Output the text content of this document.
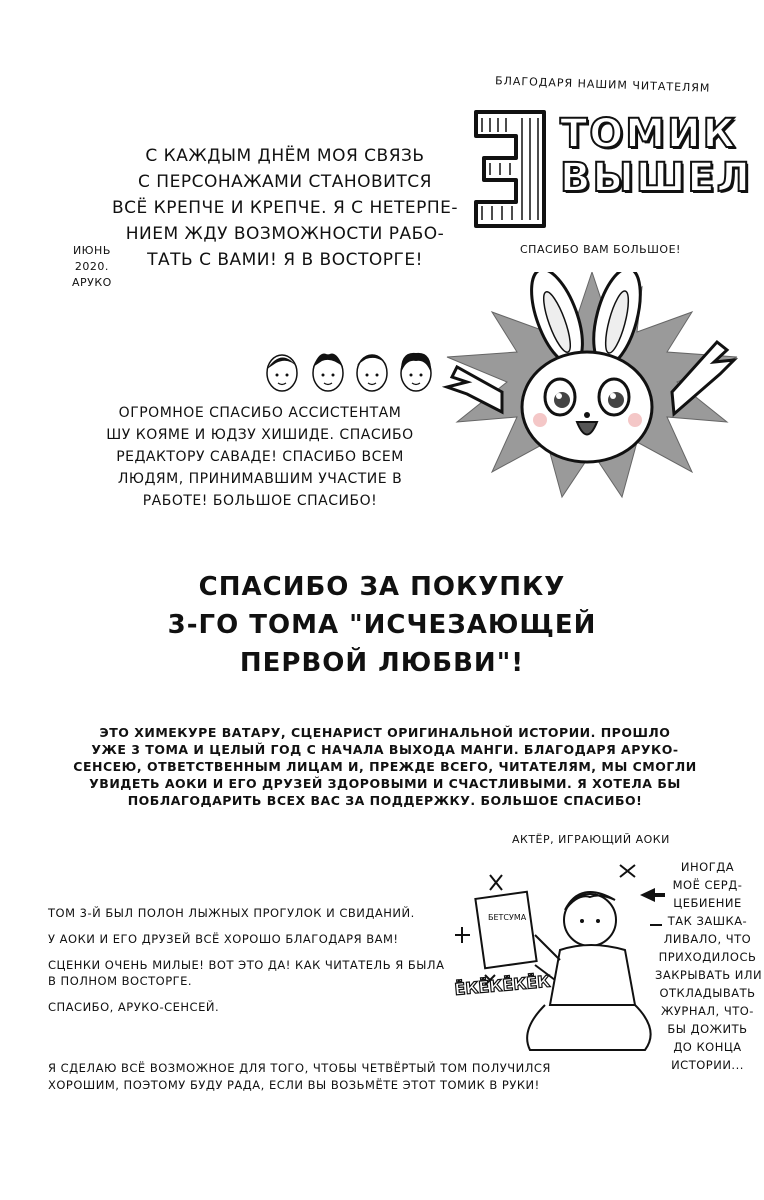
БЛАГОДАРЯ НАШИМ ЧИТАТЕЛЯМ
ТОМИК
ВЫШЕЛ
СПАСИБО ВАМ БОЛЬШОЕ!
С КАЖДЫМ ДНЁМ МОЯ СВЯЗЬ
С ПЕРСОНАЖАМИ СТАНОВИТСЯ
ВСЁ КРЕПЧЕ И КРЕПЧЕ. Я С НЕТЕРПЕ-
НИЕМ ЖДУ ВОЗМОЖНОСТИ РАБО-
ТАТЬ С ВАМИ! Я В ВОСТОРГЕ!
ИЮНЬ
2020.
АРУКО
ОГРОМНОЕ СПАСИБО АССИСТЕНТАМ
ШУ КОЯМЕ И ЮДЗУ ХИШИДЕ. СПАСИБО
РЕДАКТОРУ САВАДЕ! СПАСИБО ВСЕМ
ЛЮДЯМ, ПРИНИМАВШИМ УЧАСТИЕ В
РАБОТЕ! БОЛЬШОЕ СПАСИБО!
СПАСИБО ЗА ПОКУПКУ
3-ГО ТОМА "ИСЧЕЗАЮЩЕЙ
ПЕРВОЙ ЛЮБВИ"!
ЭТО ХИМЕКУРЕ ВАТАРУ, СЦЕНАРИСТ ОРИГИНАЛЬНОЙ ИСТОРИИ. ПРОШЛО
УЖЕ 3 ТОМА И ЦЕЛЫЙ ГОД С НАЧАЛА ВЫХОДА МАНГИ. БЛАГОДАРЯ АРУКО-
СЕНСЕЮ, ОТВЕТСТВЕННЫМ ЛИЦАМ И, ПРЕЖДЕ ВСЕГО, ЧИТАТЕЛЯМ, МЫ СМОГЛИ
УВИДЕТЬ АОКИ И ЕГО ДРУЗЕЙ ЗДОРОВЫМИ И СЧАСТЛИВЫМИ. Я ХОТЕЛА БЫ
ПОБЛАГОДАРИТЬ ВСЕХ ВАС ЗА ПОДДЕРЖКУ. БОЛЬШОЕ СПАСИБО!
АКТЁР, ИГРАЮЩИЙ АОКИ
БЕТСУМА
ЁКЁКЁКЁК
ИНОГДА
МОЁ СЕРД-
ЦЕБИЕНИЕ
ТАК ЗАШКА-
ЛИВАЛО, ЧТО
ПРИХОДИЛОСЬ
ЗАКРЫВАТЬ ИЛИ
ОТКЛАДЫВАТЬ
ЖУРНАЛ, ЧТО-
БЫ ДОЖИТЬ
ДО КОНЦА
ИСТОРИИ...
ТОМ 3-Й БЫЛ ПОЛОН ЛЫЖНЫХ ПРОГУЛОК И СВИДАНИЙ.
У АОКИ И ЕГО ДРУЗЕЙ ВСЁ ХОРОШО БЛАГОДАРЯ ВАМ!
СЦЕНКИ ОЧЕНЬ МИЛЫЕ! ВОТ ЭТО ДА! КАК ЧИТАТЕЛЬ Я БЫЛА
В ПОЛНОМ ВОСТОРГЕ.
СПАСИБО, АРУКО-СЕНСЕЙ.
Я СДЕЛАЮ ВСЁ ВОЗМОЖНОЕ ДЛЯ ТОГО, ЧТОБЫ ЧЕТВЁРТЫЙ ТОМ ПОЛУЧИЛСЯ
ХОРОШИМ, ПОЭТОМУ БУДУ РАДА, ЕСЛИ ВЫ ВОЗЬМЁТЕ ЭТОТ ТОМИК В РУКИ!
